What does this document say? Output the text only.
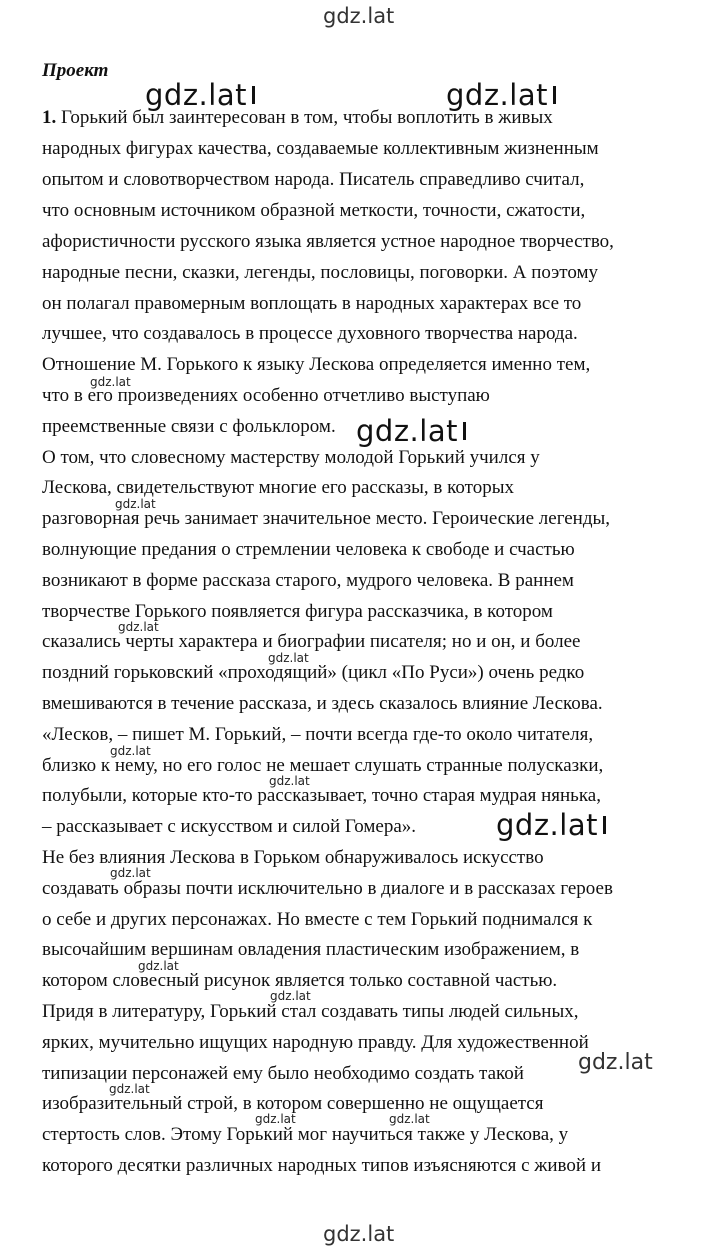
gdz.lat
Проект
1. Горький был заинтересован в том, чтобы воплотить в живых
народных фигурах качества, создаваемые коллективным жизненным
опытом и словотворчеством народа. Писатель справедливо считал,
что основным источником образной меткости, точности, сжатости,
афористичности русского языка является устное народное творчество,
народные песни, сказки, легенды, пословицы, поговорки. А поэтому
он полагал правомерным воплощать в народных характерах все то
лучшее, что создавалось в процессе духовного творчества народа.
Отношение М. Горького к языку Лескова определяется именно тем,
что в его произведениях особенно отчетливо выступаю
преемственные связи с фольклором.
О том, что словесному мастерству молодой Горький учился у
Лескова, свидетельствуют многие его рассказы, в которых
разговорная речь занимает значительное место. Героические легенды,
волнующие предания о стремлении человека к свободе и счастью
возникают в форме рассказа старого, мудрого человека. В раннем
творчестве Горького появляется фигура рассказчика, в котором
сказались черты характера и биографии писателя; но и он, и более
поздний горьковский «проходящий» (цикл «По Руси») очень редко
вмешиваются в течение рассказа, и здесь сказалось влияние Лескова.
«Лесков, – пишет М. Горький, – почти всегда где-то около читателя,
близко к нему, но его голос не мешает слушать странные полусказки,
полубыли, которые кто-то рассказывает, точно старая мудрая нянька,
– рассказывает с искусством и силой Гомера».
Не без влияния Лескова в Горьком обнаруживалось искусство
создавать образы почти исключительно в диалоге и в рассказах героев
о себе и других персонажах. Но вместе с тем Горький поднимался к
высочайшим вершинам овладения пластическим изображением, в
котором словесный рисунок является только составной частью.
Придя в литературу, Горький стал создавать типы людей сильных,
ярких, мучительно ищущих народную правду. Для художественной
типизации персонажей ему было необходимо создать такой
изобразительный строй, в котором совершенно не ощущается
стертость слов. Этому Горький мог научиться также у Лескова, у
которого десятки различных народных типов изъясняются с живой и
gdz.lat	gdz.lat
gdz.lat
gdz.lat
gdz.lat
gdz.lat
gdz.lat
gdz.lat
gdz.lat
gdz.lat
gdz.lat
gdz.lat
gdz.lat
gdz.lat
gdz.lat
gdz.lat	gdz.lat
gdz.lat
